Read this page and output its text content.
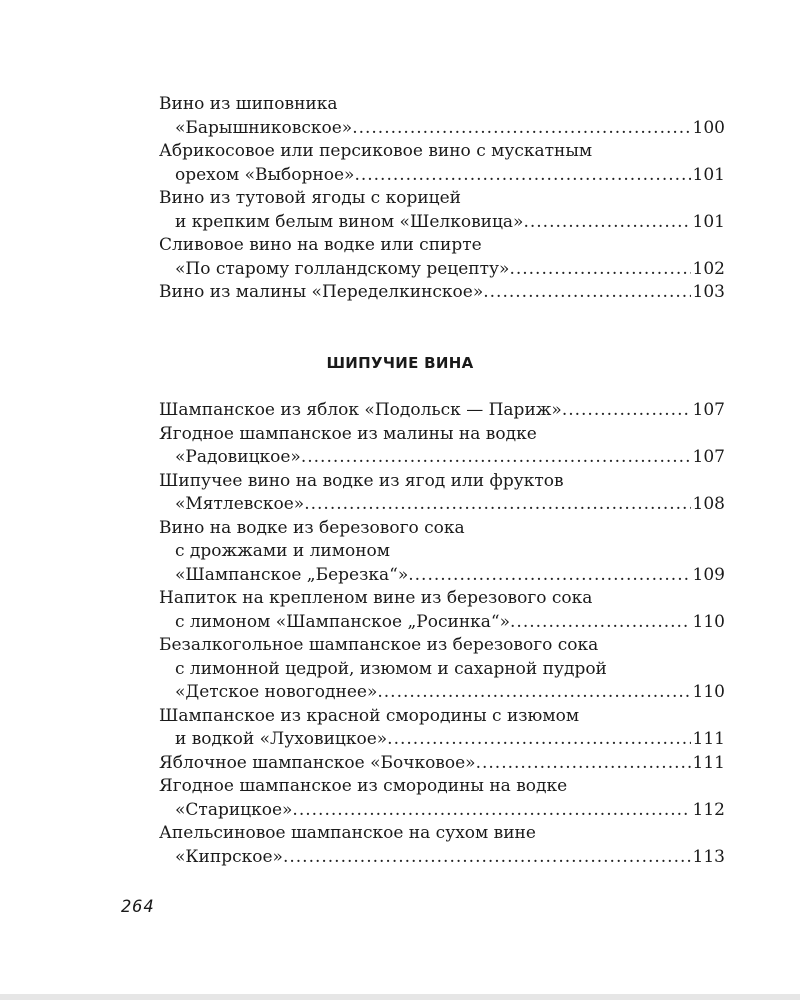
Вино из шиповника
«Барышниковское» .....	100
Абрикосовое или персиковое вино с мускатным
орехом «Выборное» .....	101
Вино из тутовой ягоды с корицей
и крепким белым вином «Шелковица» .....	101
Сливовое вино на водке или спирте
«По старому голландскому рецепту» .....	102
Вино из малины «Переделкинское» .....	103
ШИПУЧИЕ ВИНА
Шампанское из яблок «Подольск — Париж» .....	107
Ягодное шампанское из малины на водке
«Радовицкое» .....	107
Шипучее вино на водке из ягод или фруктов
«Мятлевское» .....	108
Вино на водке из березового сока
с дрожжами и лимоном
«Шампанское „Березка“» .....	109
Напиток на крепленом вине из березового сока
с лимоном «Шампанское „Росинка“» .....	110
Безалкогольное шампанское из березового сока
с лимонной цедрой, изюмом и сахарной пудрой
«Детское новогоднее» .....	110
Шампанское из красной смородины с изюмом
и водкой «Луховицкое» .....	111
Яблочное шампанское «Бочковое» .....	111
Ягодное шампанское из смородины на водке
«Старицкое» .....	112
Апельсиновое шампанское на сухом вине
«Кипрское» .....	113
264
